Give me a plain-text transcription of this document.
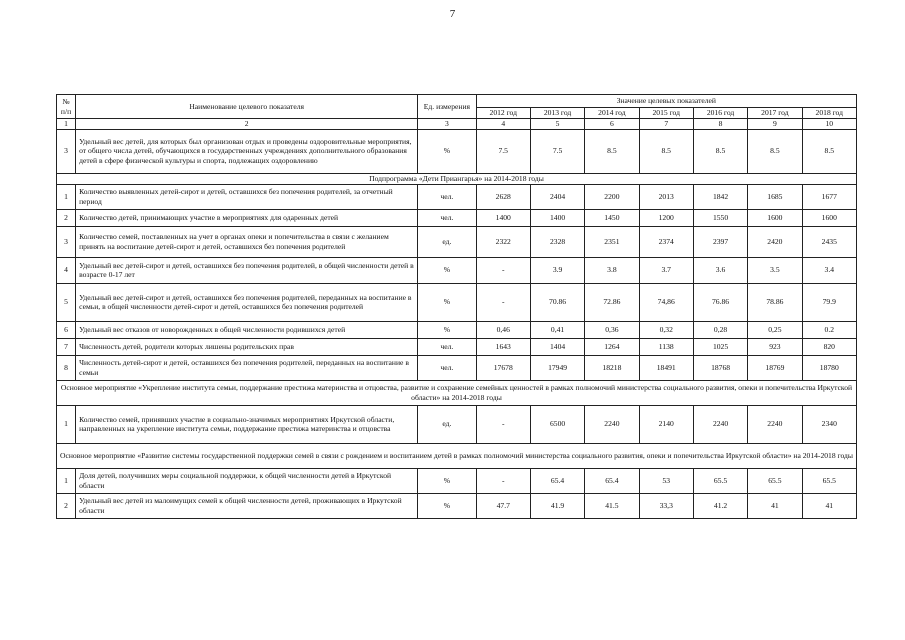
7
№ п/п	Наименование целевого показателя	Ед. измерения	Значение целевых показателей						
			2012 год	2013 год	2014 год	2015 год	2016 год	2017 год	2018 год
1	2	3	4	5	6	7	8	9	10
3	Удельный вес детей, для которых был организован отдых и проведены оздоровительные мероприятия, от общего числа детей, обучающихся в государственных учреждениях дополнительного образования детей в сфере физической культуры и спорта, подлежащих оздоровлению	%	7.5	7.5	8.5	8.5	8.5	8.5	8.5
Подпрограмма «Дети Приангарья» на 2014-2018 годы									
1	Количество выявленных детей-сирот и детей, оставшихся без попечения родителей, за отчетный период	чел.	2628	2404	2200	2013	1842	1685	1677
2	Количество детей, принимающих участие в мероприятиях для одаренных детей	чел.	1400	1400	1450	1200	1550	1600	1600
3	Количество семей, поставленных на учет в органах опеки и попечительства в связи с желанием принять на воспитание детей-сирот и детей, оставшихся без попечения родителей	ед.	2322	2328	2351	2374	2397	2420	2435
4	Удельный вес детей-сирот и детей, оставшихся без попечения родителей, в общей численности детей в возрасте 0-17 лет	%	-	3.9	3.8	3.7	3.6	3.5	3.4
5	Удельный вес детей-сирот и детей, оставшихся без попечения родителей, переданных на воспитание в семьи, в общей численности детей-сирот и детей, оставшихся без попечения родителей	%	-	70.86	72.86	74,86	76.86	78.86	79.9
6	Удельный вес отказов от новорожденных в общей численности родившихся детей	%	0,46	0,41	0,36	0,32	0,28	0,25	0.2
7	Численность детей, родители которых лишены родительских прав	чел.	1643	1404	1264	1138	1025	923	820
8	Численность детей-сирот и детей, оставшихся без попечения родителей, переданных на воспитание в семьи	чел.	17678	17949	18218	18491	18768	18769	18780
Основное мероприятие «Укрепление института семьи, поддержание престижа материнства и отцовства, развитие и сохранение семейных ценностей в рамках полномочий министерства социального развития, опеки и попечительства Иркутской области» на 2014-2018 годы									
1	Количество семей, принявших участие в социально-значимых мероприятиях Иркутской области, направленных на укрепление института семьи, поддержание престижа материнства и отцовства	ед.	-	6500	2240	2140	2240	2240	2340
Основное мероприятие «Развитие системы государственной поддержки семей в связи с рождением и воспитанием детей в рамках полномочий министерства социального развития, опеки и попечительства Иркутской области» на 2014-2018 годы									
1	Доля детей, получивших меры социальной поддержки, к общей численности детей в Иркутской области	%	-	65.4	65.4	53	65.5	65.5	65.5
2	Удельный вес детей из малоимущих семей к общей численности детей, проживающих в Иркутской области	%	47.7	41.9	41.5	33,3	41.2	41	41
